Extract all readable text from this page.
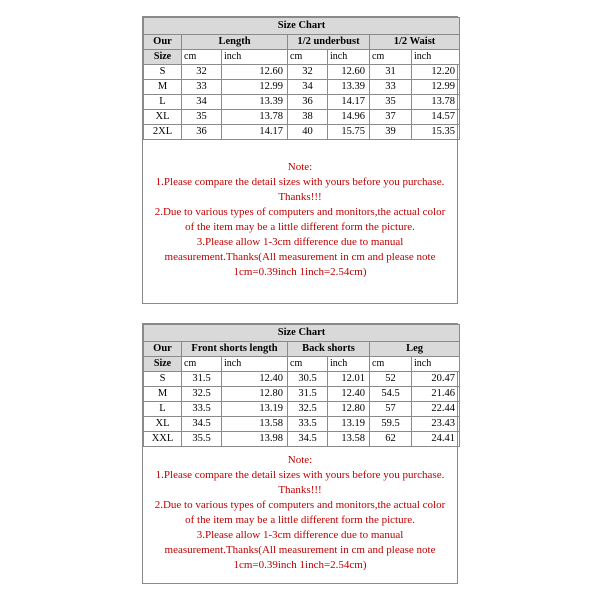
Size Chart						
Our	Length		1/2 underbust		1/2 Waist	
Size	cm	inch	cm	inch	cm	inch
S	32	12.60	32	12.60	31	12.20
M	33	12.99	34	13.39	33	12.99
L	34	13.39	36	14.17	35	13.78
XL	35	13.78	38	14.96	37	14.57
2XL	36	14.17	40	15.75	39	15.35

Note:

1.Please compare the detail sizes with yours before you purchase.

Thanks!!!

2.Due to various types of computers and monitors,the actual color

of the item may be a little different form the picture.

3.Please allow 1-3cm difference due to manual

measurement.Thanks(All measurement in cm and please note

1cm=0.39inch 1inch=2.54cm)

Size Chart						
Our	Front shorts length		Back shorts		Leg	
Size	cm	inch	cm	inch	cm	inch
S	31.5	12.40	30.5	12.01	52	20.47
M	32.5	12.80	31.5	12.40	54.5	21.46
L	33.5	13.19	32.5	12.80	57	22.44
XL	34.5	13.58	33.5	13.19	59.5	23.43
XXL	35.5	13.98	34.5	13.58	62	24.41

Note:

1.Please compare the detail sizes with yours before you purchase.

Thanks!!!

2.Due to various types of computers and monitors,the actual color

of the item may be a little different form the picture.

3.Please allow 1-3cm difference due to manual

measurement.Thanks(All measurement in cm and please note

1cm=0.39inch 1inch=2.54cm)
